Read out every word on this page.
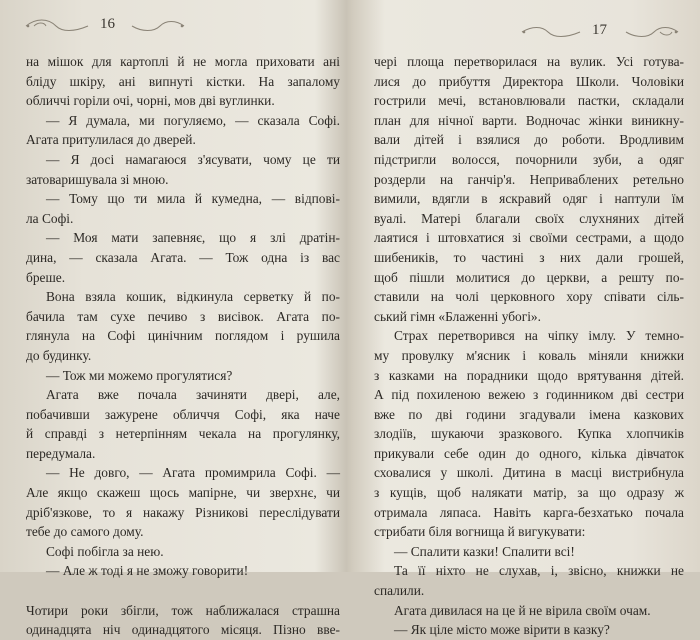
16	17
на мішок для картоплі й не могла приховати ані
бліду шкіру, ані випнуті кістки. На запалому
обличчі горіли очі, чорні, мов дві вуглинки.
— Я думала, ми погуляємо, — сказала Софі.
Агата притулилася до дверей.
— Я досі намагаюся з'ясувати, чому це ти
затоваришувала зі мною.
— Тому що ти мила й кумедна, — відпові-
ла Софі.
— Моя мати запевняє, що я злі дратін-
дина, — сказала Агата. — Тож одна із вас
бреше.
Вона взяла кошик, відкинула серветку й по-
бачила там сухе печиво з висівок. Агата по-
глянула на Софі цинічним поглядом і рушила
до будинку.
— Тож ми можемо прогулятися?
Агата вже почала зачиняти двері, але,
побачивши зажурене обличчя Софі, яка наче
й справді з нетерпінням чекала на прогулянку,
передумала.
— Не довго, — Агата промимрила Софі. —
Але якщо скажеш щось мапірне, чи зверхнє, чи
дріб'язкове, то я накажу Різникові переслідувати
тебе до самого дому.
Софі побігла за нею.
— Але ж тоді я не зможу говорити!
Чотири роки збігли, тож наближалася страшна
одинадцята ніч одинадцятого місяця. Пізно вве-
чері площа перетворилася на вулик. Усі готува-
лися до прибуття Директора Школи. Чоловіки
гострили мечі, встановлювали пастки, складали
план для нічної варти. Водночас жінки виникну-
вали дітей і взялися до роботи. Вродливим
підстригли волосся, почорнили зуби, а одяг
роздерли на ганчір'я. Неприваблених ретельно
вимили, вдягли в яскравий одяг і наптули їм
вуалі. Матері благали своїх слухняних дітей
лаятися і штовхатися зі своїми сестрами, а щодо
шибеників, то частині з них дали грошей,
щоб пішли молитися до церкви, а решту по-
ставили на чолі церковного хору співати сіль-
ський гімн «Блаженні убогі».
Страх перетворився на чіпку імлу. У темно-
му провулку м'ясник і коваль міняли книжки
з казками на порадники щодо врятування дітей.
А під похиленою вежею з годинником дві сестри
вже по дві години згадували імена казкових
злодіїв, шукаючи зразкового. Купка хлопчиків
прикували себе один до одного, кілька дівчаток
сховалися у школі. Дитина в масці вистрибнула
з кущів, щоб налякати матір, за що одразу ж
отримала ляпаса. Навіть карга-безхатько почала
стрибати біля вогнища й вигукувати:
— Спалити казки! Спалити всі!
Та її ніхто не слухав, і, звісно, книжки не
спалили.
Агата дивилася на це й не вірила своїм очам.
— Як ціле місто може вірити в казку?
